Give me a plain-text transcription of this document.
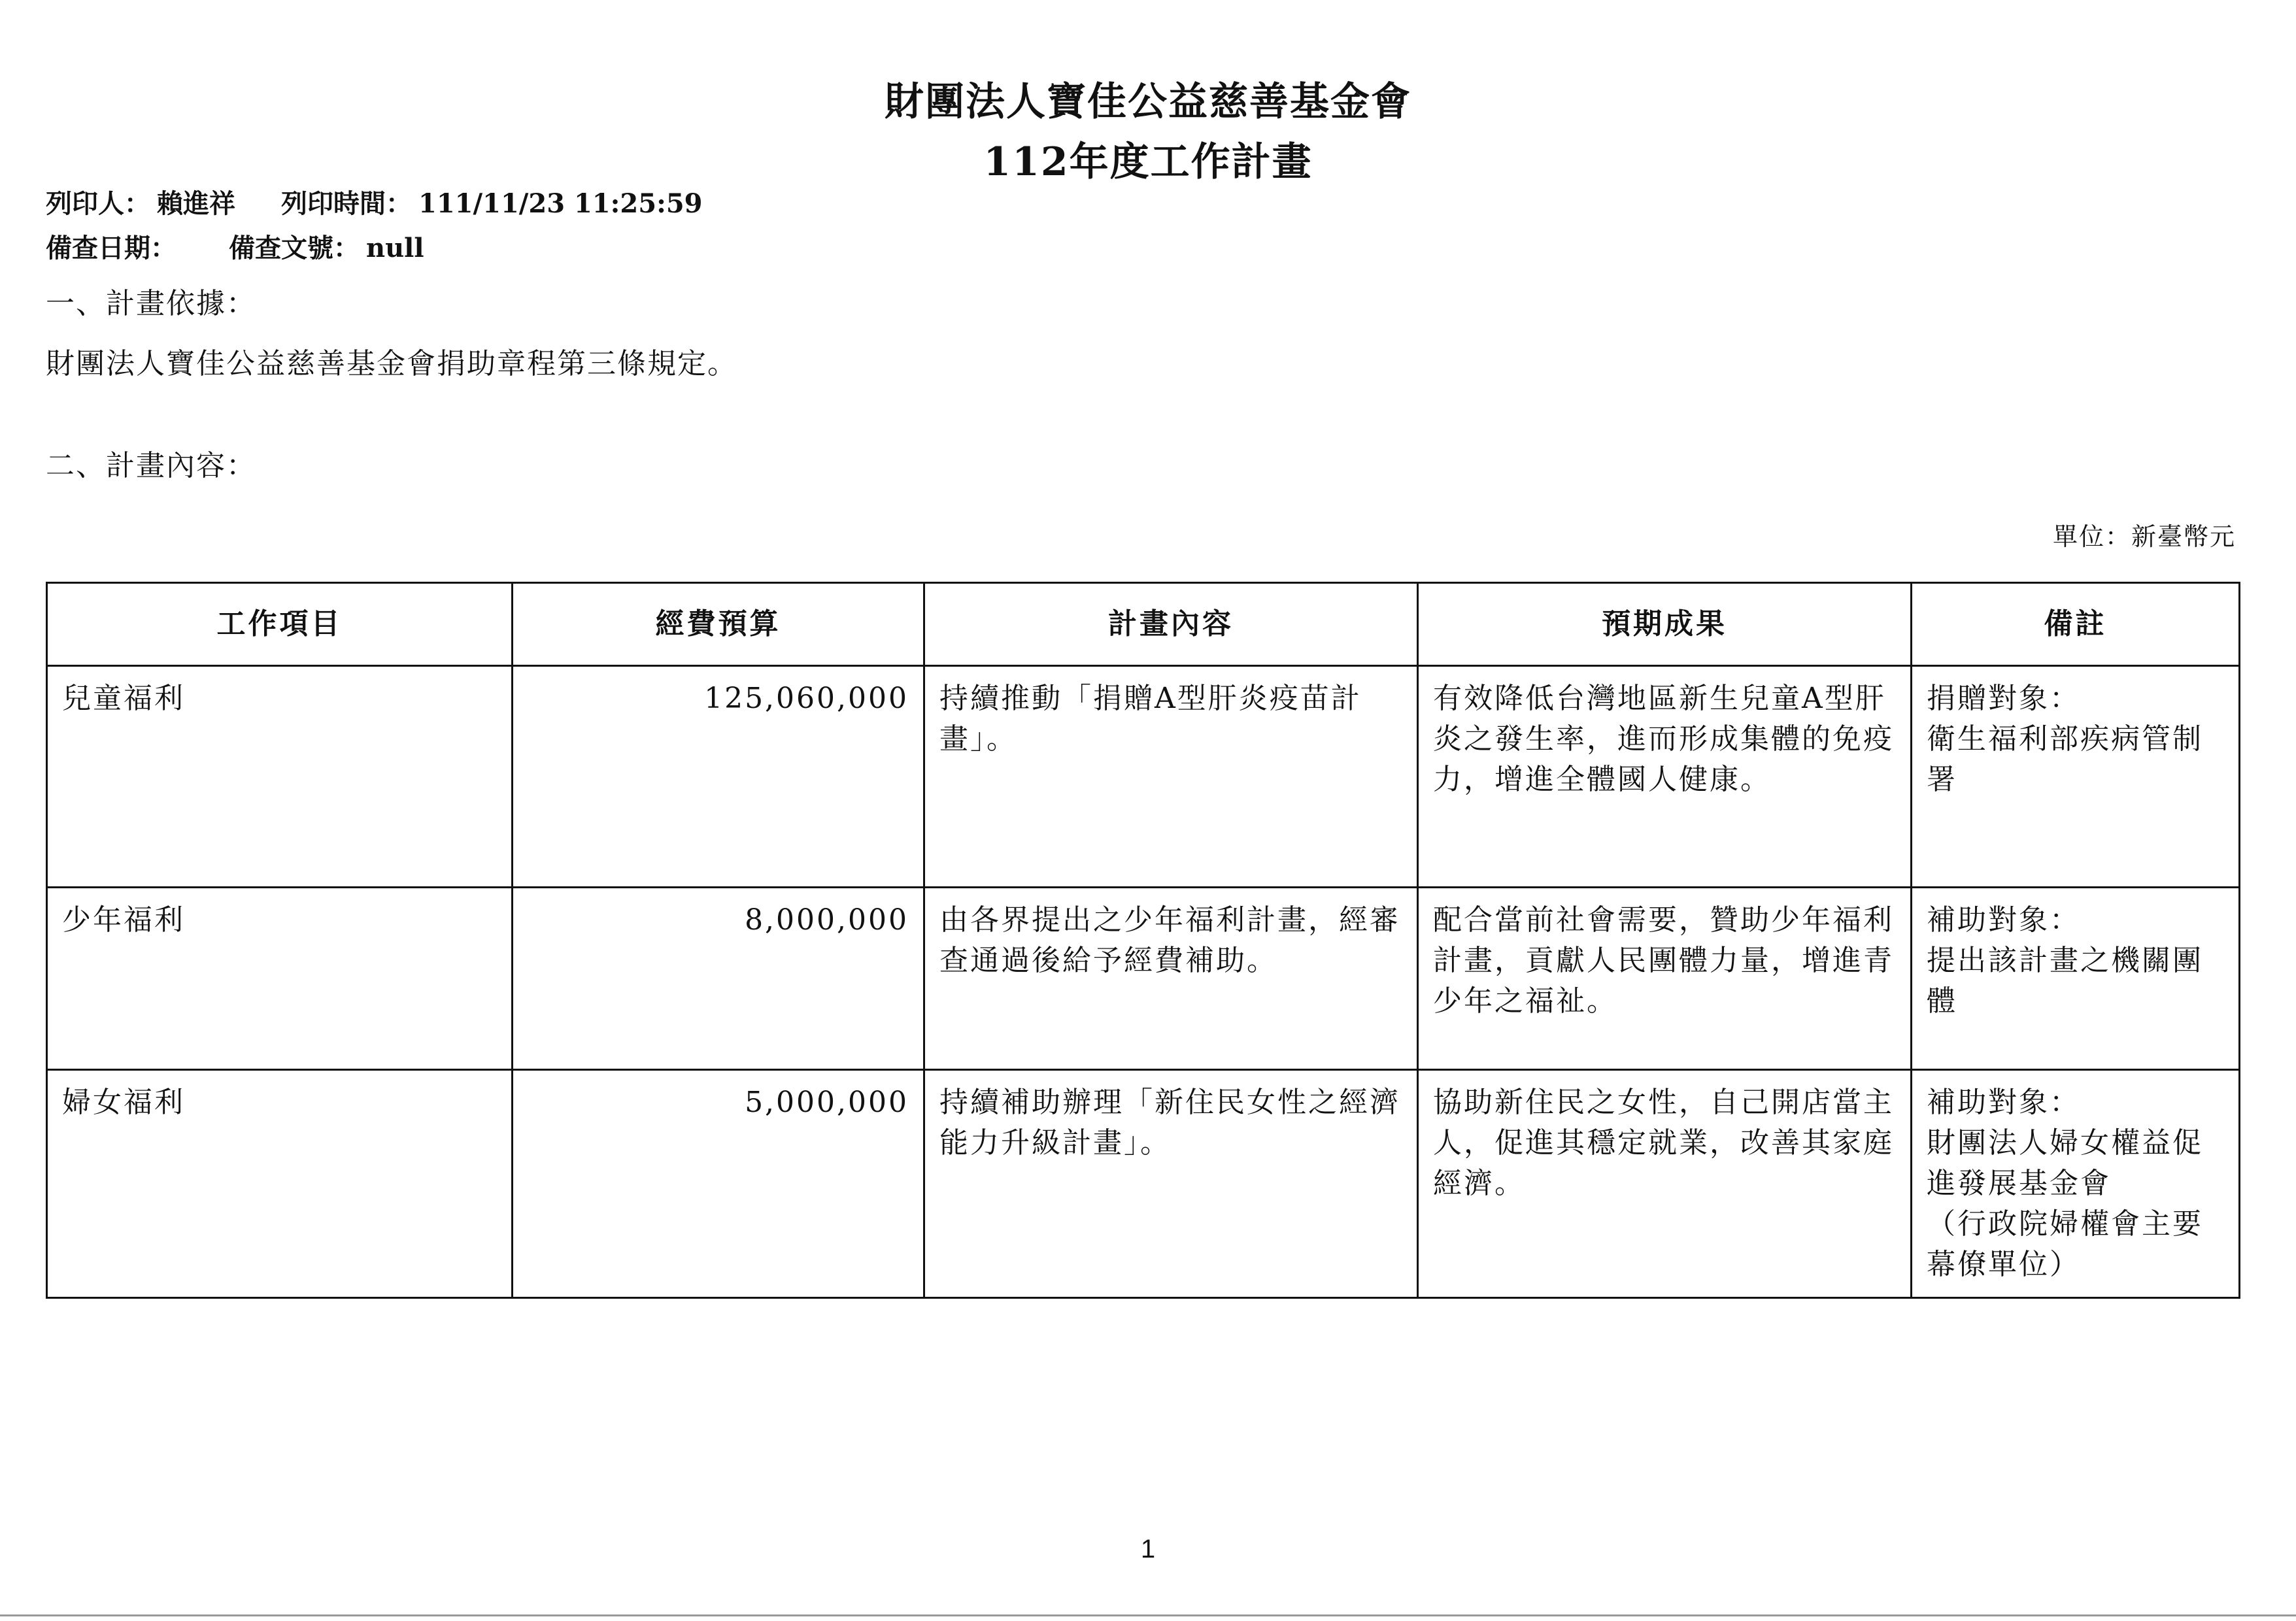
財團法人寶佳公益慈善基金會
112年度工作計畫
列印人： 賴進祥 列印時間： 111/11/23 11:25:59
備查日期： 備查文號： null
一、計畫依據：
財團法人寶佳公益慈善基金會捐助章程第三條規定。
二、計畫內容：
單位：新臺幣元
工作項目	經費預算	計畫內容	預期成果	備註
兒童福利	125,060,000	持續推動「捐贈A型肝炎疫苗計畫」。	有效降低台灣地區新生兒童A型肝炎之發生率，進而形成集體的免疫力，增進全體國人健康。	捐贈對象：
衛生福利部疾病管制署

少年福利	8,000,000	由各界提出之少年福利計畫，經審查通過後給予經費補助。	配合當前社會需要，贊助少年福利計畫，貢獻人民團體力量，增進青少年之福祉。	補助對象：
提出該計畫之機關團體

婦女福利	5,000,000	持續補助辦理「新住民女性之經濟能力升級計畫」。	協助新住民之女性，自己開店當主人，促進其穩定就業，改善其家庭經濟。	補助對象：
財團法人婦女權益促進發展基金會
（行政院婦權會主要幕僚單位）
1
